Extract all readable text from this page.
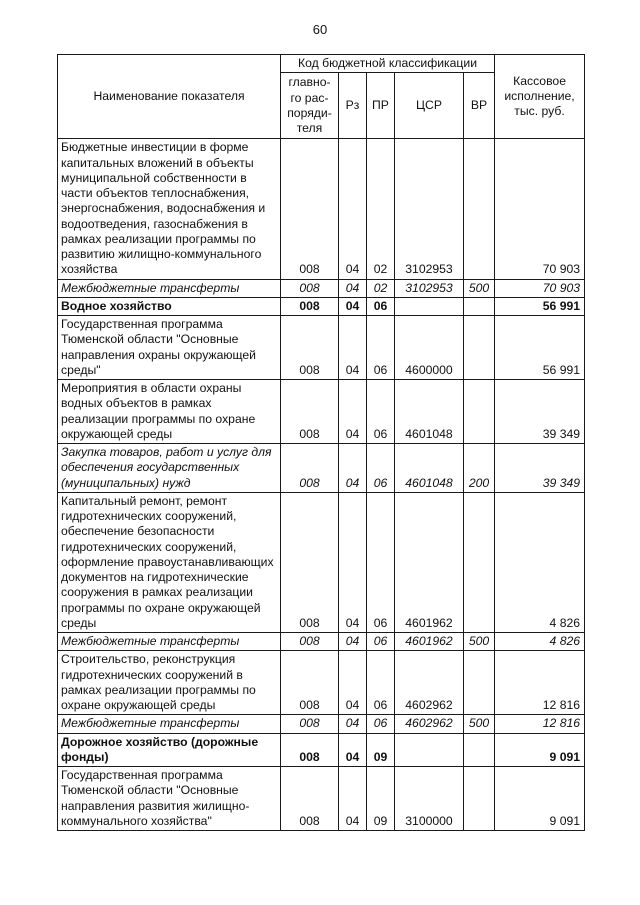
60
Наименование показателя	Код бюджетной классификации					Кассовое исполнение, тыс. руб.
	главно-го рас-поряди-теля	Рз	ПР	ЦСР	ВР	
Бюджетные инвестиции в форме капитальных вложений в объекты муниципальной собственности в части объектов теплоснабжения, энергоснабжения, водоснабжения и водоотведения, газоснабжения в рамках реализации программы по развитию жилищно-коммунального хозяйства	008	04	02	3102953		70 903
Межбюджетные трансферты	008	04	02	3102953	500	70 903
Водное хозяйство	008	04	06			56 991
Государственная программа Тюменской области "Основные направления охраны окружающей среды"	008	04	06	4600000		56 991
Мероприятия в области охраны водных объектов в рамках реализации программы по охране окружающей среды	008	04	06	4601048		39 349
Закупка товаров, работ и услуг для обеспечения государственных (муниципальных) нужд	008	04	06	4601048	200	39 349
Капитальный ремонт, ремонт гидротехнических сооружений, обеспечение безопасности гидротехнических сооружений, оформление правоустанавливающих документов на гидротехнические сооружения в рамках реализации программы по охране окружающей среды	008	04	06	4601962		4 826
Межбюджетные трансферты	008	04	06	4601962	500	4 826
Строительство, реконструкция гидротехнических сооружений в рамках реализации программы по охране окружающей среды	008	04	06	4602962		12 816
Межбюджетные трансферты	008	04	06	4602962	500	12 816
Дорожное хозяйство (дорожные фонды)	008	04	09			9 091
Государственная программа Тюменской области "Основные направления развития жилищно-коммунального хозяйства"	008	04	09	3100000		9 091
